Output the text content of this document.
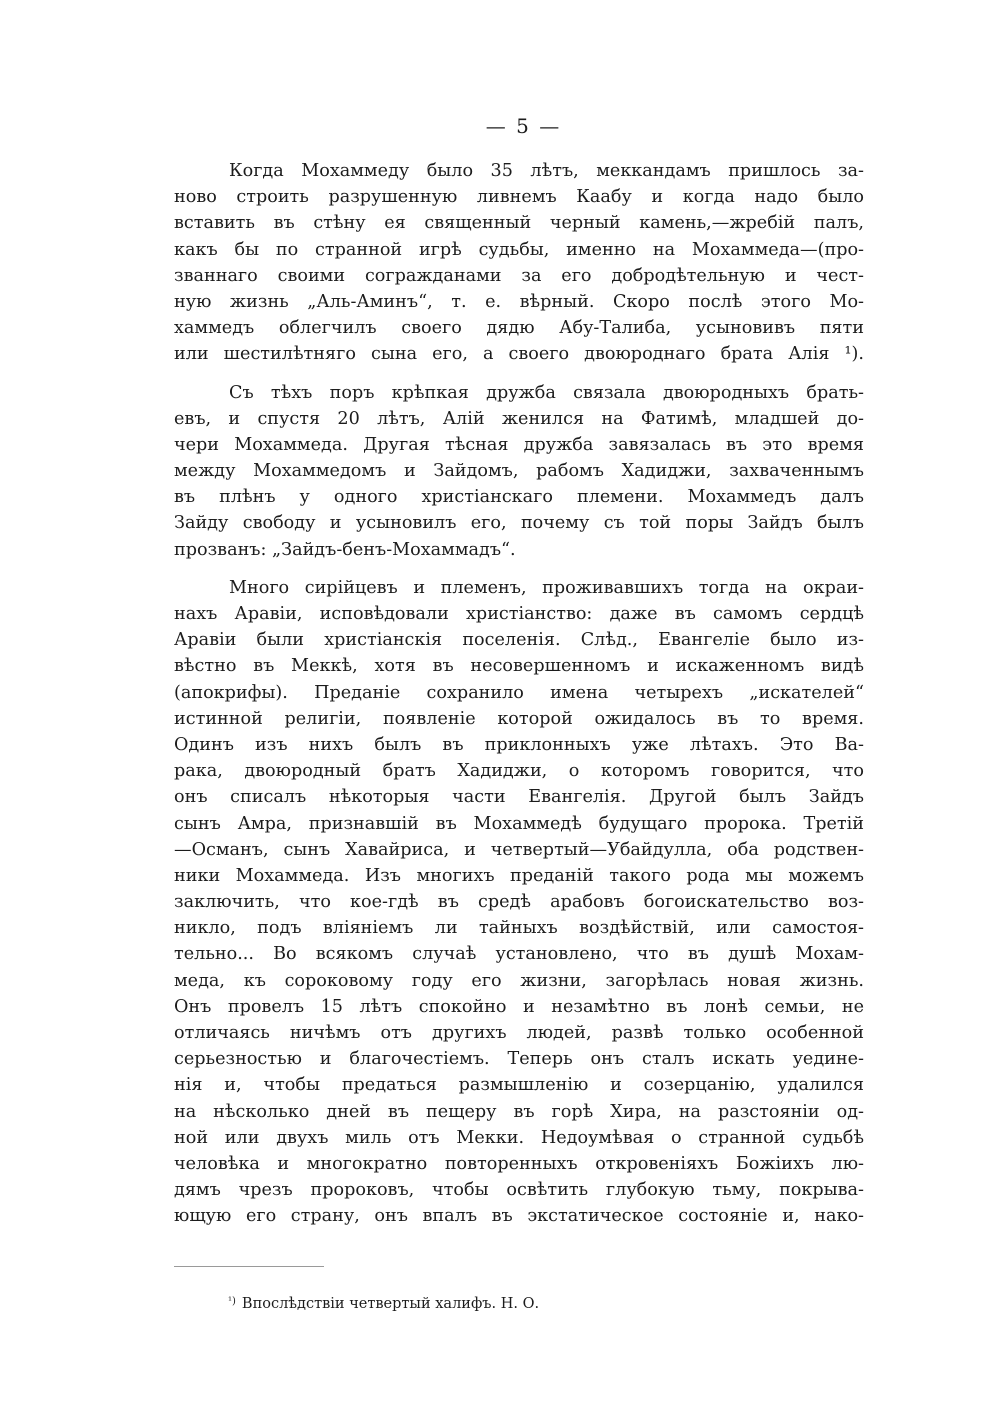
— 5 —

Когда Мохаммеду было 35 лѣтъ, меккандамъ пришлось за-
ново строить разрушенную ливнемъ Каабу и когда надо было
вставить въ стѣну ея священный черный камень,—жребій палъ,
какъ бы по странной игрѣ судьбы, именно на Мохаммеда—(про-
званнаго своими согражданами за его добродѣтельную и чест-
ную жизнь „Аль-Аминъ“, т. е. вѣрный. Скоро послѣ этого Мо-
хаммедъ облегчилъ своего дядю Абу-Талиба, усыновивъ пяти
или шестилѣтняго сына его, а своего двоюроднаго брата Алія ¹).

Съ тѣхъ поръ крѣпкая дружба связала двоюродныхъ брать-
евъ, и спустя 20 лѣтъ, Алій женился на Фатимѣ, младшей до-
чери Мохаммеда. Другая тѣсная дружба завязалась въ это время
между Мохаммедомъ и Зайдомъ, рабомъ Хадиджи, захваченнымъ
въ плѣнъ у одного христіанскаго племени. Мохаммедъ далъ
Зайду свободу и усыновилъ его, почему съ той поры Зайдъ былъ
прозванъ: „Зайдъ-бенъ-Мохаммадъ“.

Много сирійцевъ и племенъ, проживавшихъ тогда на окраи-
нахъ Аравіи, исповѣдовали христіанство: даже въ самомъ сердцѣ
Аравіи были христіанскія поселенія. Слѣд., Евангеліе было из-
вѣстно въ Меккѣ, хотя въ несовершенномъ и искаженномъ видѣ
(апокрифы). Преданіе сохранило имена четырехъ „искателей“
истинной религіи, появленіе которой ожидалось въ то время.
Одинъ изъ нихъ былъ въ приклонныхъ уже лѣтахъ. Это Ва-
рака, двоюродный братъ Хадиджи, о которомъ говорится, что
онъ списалъ нѣкоторыя части Евангелія. Другой былъ Зайдъ
сынъ Амра, признавшій въ Мохаммедѣ будущаго пророка. Третій
—Османъ, сынъ Хавайриса, и четвертый—Убайдулла, оба родствен-
ники Мохаммеда. Изъ многихъ преданій такого рода мы можемъ
заключить, что кое-гдѣ въ средѣ арабовъ богоискательство воз-
никло, подъ вліяніемъ ли тайныхъ воздѣйствій, или самостоя-
тельно... Во всякомъ случаѣ установлено, что въ душѣ Мохам-
меда, къ сороковому году его жизни, загорѣлась новая жизнь.
Онъ провелъ 15 лѣтъ спокойно и незамѣтно въ лонѣ семьи, не
отличаясь ничѣмъ отъ другихъ людей, развѣ только особенной
серьезностью и благочестіемъ. Теперь онъ сталъ искать уедине-
нія и, чтобы предаться размышленію и созерцанію, удалился
на нѣсколько дней въ пещеру въ горѣ Хира, на разстояніи од-
ной или двухъ миль отъ Мекки. Недоумѣвая о странной судьбѣ
человѣка и многократно повторенныхъ откровеніяхъ Божіихъ лю-
дямъ чрезъ пророковъ, чтобы освѣтить глубокую тьму, покрыва-
ющую его страну, онъ впалъ въ экстатическое состояніе и, нако-

$^{^1)}$ Впослѣдствіи четвертый халифъ. Н. О.
